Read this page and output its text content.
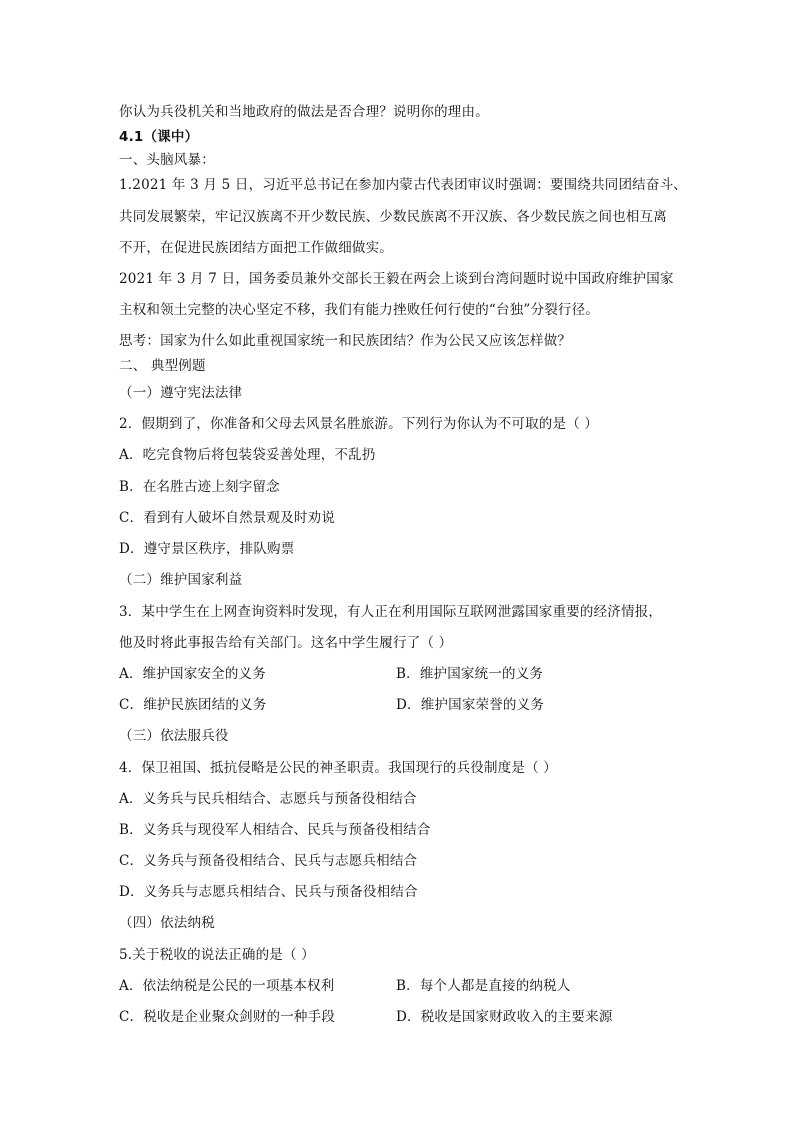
你认为兵役机关和当地政府的做法是否合理？说明你的理由。
4.1（课中）
一、头脑风暴：
1.2021 年 3 月 5 日，习近平总书记在参加内蒙古代表团审议时强调：要围绕共同团结奋斗、
共同发展繁荣，牢记汉族离不开少数民族、少数民族离不开汉族、各少数民族之间也相互离
不开，在促进民族团结方面把工作做细做实。
2021 年 3 月 7 日，国务委员兼外交部长王毅在两会上谈到台湾问题时说中国政府维护国家
主权和领土完整的决心坚定不移，我们有能力挫败任何行使的“台独”分裂行径。
思考：国家为什么如此重视国家统一和民族团结？作为公民又应该怎样做？
二、 典型例题
（一）遵守宪法法律
2．假期到了，你准备和父母去风景名胜旅游。下列行为你认为不可取的是（ ）
A．吃完食物后将包装袋妥善处理，不乱扔
B．在名胜古迹上刻字留念
C．看到有人破坏自然景观及时劝说
D．遵守景区秩序，排队购票
（二）维护国家利益
3．某中学生在上网查询资料时发现，有人正在利用国际互联网泄露国家重要的经济情报，
他及时将此事报告给有关部门。这名中学生履行了（ ）
A．维护国家安全的义务	B．维护国家统一的义务
C．维护民族团结的义务	D．维护国家荣誉的义务
（三）依法服兵役
4．保卫祖国、抵抗侵略是公民的神圣职责。我国现行的兵役制度是（ ）
A．义务兵与民兵相结合、志愿兵与预备役相结合
B．义务兵与现役军人相结合、民兵与预备役相结合
C．义务兵与预备役相结合、民兵与志愿兵相结合
D．义务兵与志愿兵相结合、民兵与预备役相结合
（四）依法纳税
5.关于税收的说法正确的是（ ）
A．依法纳税是公民的一项基本权利	B．每个人都是直接的纳税人
C．税收是企业聚众剑财的一种手段	D．税收是国家财政收入的主要来源
